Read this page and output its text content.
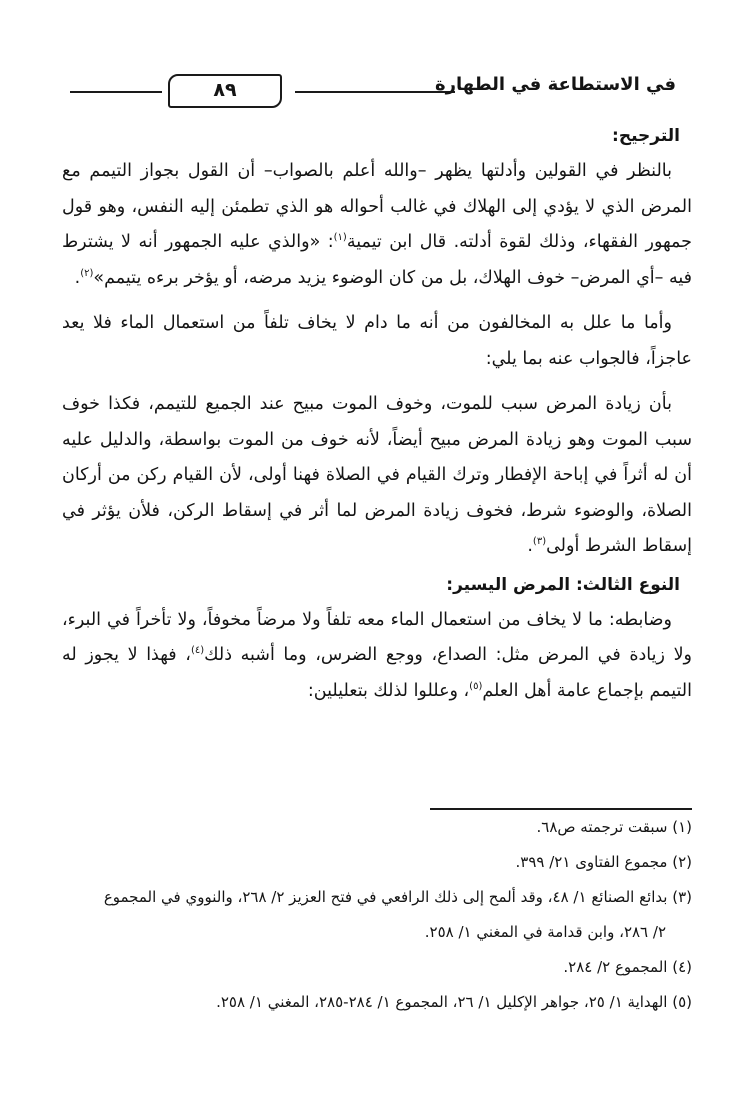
٨٩	في الاستطاعة في الطهارة
الترجيح:

بالنظر في القولين وأدلتها يظهر –والله أعلم بالصواب– أن القول بجواز التيمم مع المرض الذي لا يؤدي إلى الهلاك في غالب أحواله هو الذي تطمئن إليه النفس، وهو قول جمهور الفقهاء، وذلك لقوة أدلته. قال ابن تيمية$^{(١)}$: «والذي عليه الجمهور أنه لا يشترط فيه –أي المرض– خوف الهلاك، بل من كان الوضوء يزيد مرضه، أو يؤخر برءه يتيمم»$^{(٢)}$.

وأما ما علل به المخالفون من أنه ما دام لا يخاف تلفاً من استعمال الماء فلا يعد عاجزاً، فالجواب عنه بما يلي:

بأن زيادة المرض سبب للموت، وخوف الموت مبيح عند الجميع للتيمم، فكذا خوف سبب الموت وهو زيادة المرض مبيح أيضاً، لأنه خوف من الموت بواسطة، والدليل عليه أن له أثراً في إباحة الإفطار وترك القيام في الصلاة فهنا أولى، لأن القيام ركن من أركان الصلاة، والوضوء شرط، فخوف زيادة المرض لما أثر في إسقاط الركن، فلأن يؤثر في إسقاط الشرط أولى$^{(٣)}$.

النوع الثالث: المرض اليسير:

وضابطه: ما لا يخاف من استعمال الماء معه تلفاً ولا مرضاً مخوفاً، ولا تأخراً في البرء، ولا زيادة في المرض مثل: الصداع، ووجع الضرس، وما أشبه ذلك$^{(٤)}$، فهذا لا يجوز له التيمم بإجماع عامة أهل العلم$^{(٥)}$، وعللوا لذلك بتعليلين:

(١) سبقت ترجمته ص٦٨.
(٢) مجموع الفتاوى ٢١/ ٣٩٩.
(٣) بدائع الصنائع ١/ ٤٨، وقد ألمح إلى ذلك الرافعي في فتح العزيز ٢/ ٢٦٨، والنووي في المجموع
٢/ ٢٨٦، وابن قدامة في المغني ١/ ٢٥٨.
(٤) المجموع ٢/ ٢٨٤.
(٥) الهداية ١/ ٢٥، جواهر الإكليل ١/ ٢٦، المجموع ١/ ٢٨٤-٢٨٥، المغني ١/ ٢٥٨.
